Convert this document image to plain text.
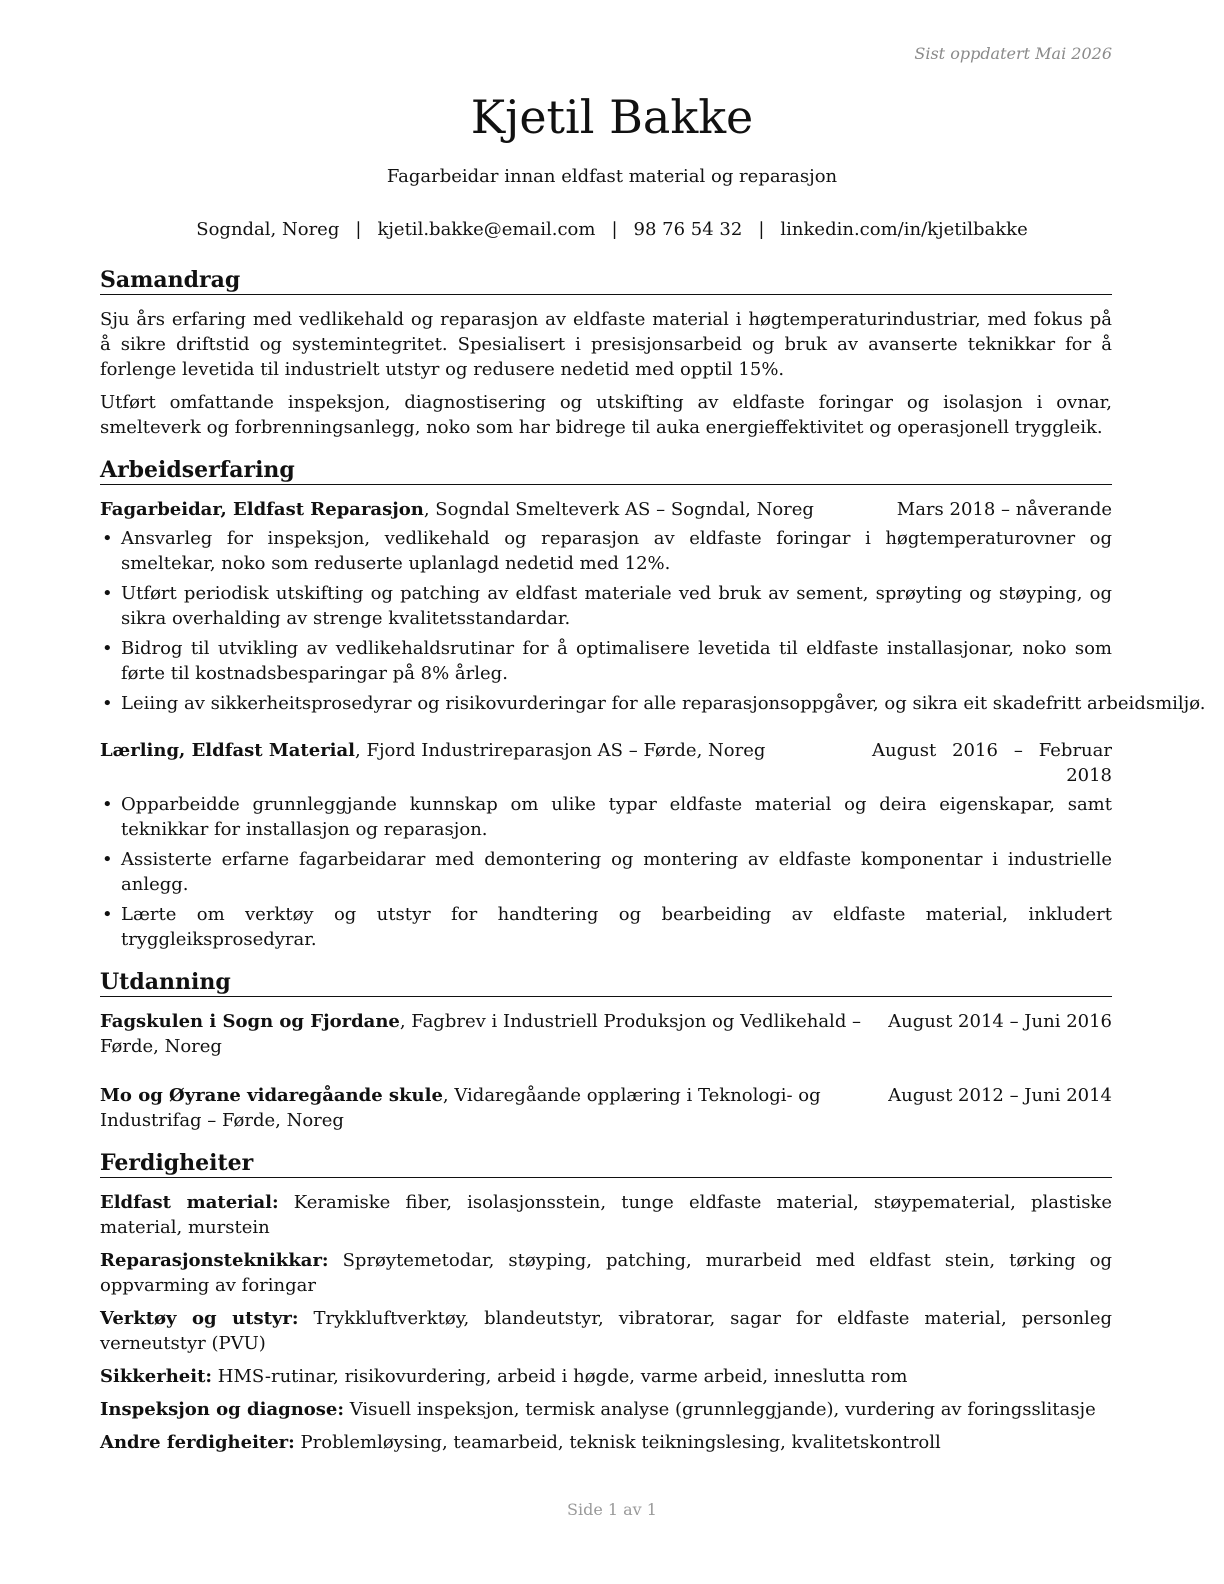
Sist oppdatert Mai 2026
Kjetil Bakke
Fagarbeidar innan eldfast material og reparasjon
Sogndal, Noreg | kjetil.bakke@email.com | 98 76 54 32 | linkedin.com/in/kjetilbakke
Samandrag

Sju års erfaring med vedlikehald og reparasjon av eldfaste material i høgtemperaturindustriar, med fokus på å sikre driftstid og systemintegritet. Spesialisert i presisjonsarbeid og bruk av avanserte teknikkar for å forlenge levetida til industrielt utstyr og redusere nedetid med opptil 15%.

Utført omfattande inspeksjon, diagnostisering og utskifting av eldfaste foringar og isolasjon i ovnar, smelteverk og forbrenningsanlegg, noko som har bidrege til auka energieffektivitet og operasjonell tryggleik.

Arbeidserfaring
Fagarbeidar, Eldfast Reparasjon, Sogndal Smelteverk AS – Sogndal, Noreg	Mars 2018 – nåverande
• Ansvarleg for inspeksjon, vedlikehald og reparasjon av eldfaste foringar i høgtemperaturovner og smeltekar, noko som reduserte uplanlagd nedetid med 12%.
• Utført periodisk utskifting og patching av eldfast materiale ved bruk av sement, sprøyting og støyping, og sikra overhalding av strenge kvalitetsstandardar.
• Bidrog til utvikling av vedlikehaldsrutinar for å optimalisere levetida til eldfaste installasjonar, noko som førte til kostnadsbesparingar på 8% årleg.
• Leiing av sikkerheitsprosedyrar og risikovurderingar for alle reparasjonsoppgåver, og sikra eit skadefritt arbeidsmiljø.
Lærling, Eldfast Material, Fjord Industrireparasjon AS – Førde, Noreg	August 2016 – Februar 2018
• Opparbeidde grunnleggjande kunnskap om ulike typar eldfaste material og deira eigenskapar, samt teknikkar for installasjon og reparasjon.
• Assisterte erfarne fagarbeidarar med demontering og montering av eldfaste komponentar i industrielle anlegg.
• Lærte om verktøy og utstyr for handtering og bearbeiding av eldfaste material, inkludert tryggleiksprosedyrar.
Utdanning
Fagskulen i Sogn og Fjordane, Fagbrev i Industriell Produksjon og Vedlikehald – Førde, Noreg
August 2014 – Juni 2016
Mo og Øyrane vidaregåande skule, Vidaregåande opplæring i Teknologi- og Industrifag – Førde, Noreg
August 2012 – Juni 2014
Ferdigheiter
Eldfast material: Keramiske fiber, isolasjonsstein, tunge eldfaste material, støypematerial, plastiske material, murstein
Reparasjonsteknikkar: Sprøytemetodar, støyping, patching, murarbeid med eldfast stein, tørking og oppvarming av foringar
Verktøy og utstyr: Trykkluftverktøy, blandeutstyr, vibratorar, sagar for eldfaste material, personleg verneutstyr (PVU)
Sikkerheit: HMS-rutinar, risikovurdering, arbeid i høgde, varme arbeid, inneslutta rom
Inspeksjon og diagnose: Visuell inspeksjon, termisk analyse (grunnleggjande), vurdering av foringsslitasje
Andre ferdigheiter: Problemløysing, teamarbeid, teknisk teikningslesing, kvalitetskontroll
Side 1 av 1
